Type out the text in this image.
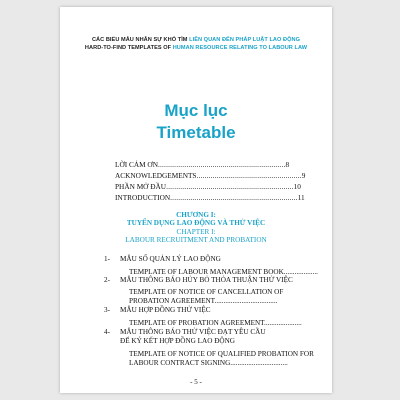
CÁC BIỂU MẪU NHÂN SỰ KHÓ TÌM LIÊN QUAN ĐẾN PHÁP LUẬT LAO ĐỘNG
HARD-TO-FIND TEMPLATES OF HUMAN RESOURCE RELATING TO LABOUR LAW
Mục lục
Timetable
LỜI CẢM ƠN...............................................................8
ACKNOWLEDGEMENTS....................................................9
PHẦN MỞ ĐẦU...............................................................10
INTRODUCTION...............................................................11
CHƯƠNG I:
TUYỂN DỤNG LAO ĐỘNG VÀ THỬ VIỆC
CHAPTER I:
LABOUR RECRUITMENT AND PROBATION
1- MẪU SỔ QUẢN LÝ LAO ĐỘNG
TEMPLATE OF LABOUR MANAGEMENT BOOK...................
2- MẪU THÔNG BÁO HỦY BỎ THỎA THUẬN THỬ VIỆC
TEMPLATE OF NOTICE OF CANCELLATION OF
PROBATION AGREEMENT...................................
3- MẪU HỢP ĐỒNG THỬ VIỆC
TEMPLATE OF PROBATION AGREEMENT.....................
4- MẪU THÔNG BÁO THỬ VIỆC ĐẠT YÊU CẦU
ĐỂ KÝ KẾT HỢP ĐỒNG LAO ĐỘNG
TEMPLATE OF NOTICE OF QUALIFIED PROBATION FOR
LABOUR CONTRACT SIGNING................................
- 5 -
